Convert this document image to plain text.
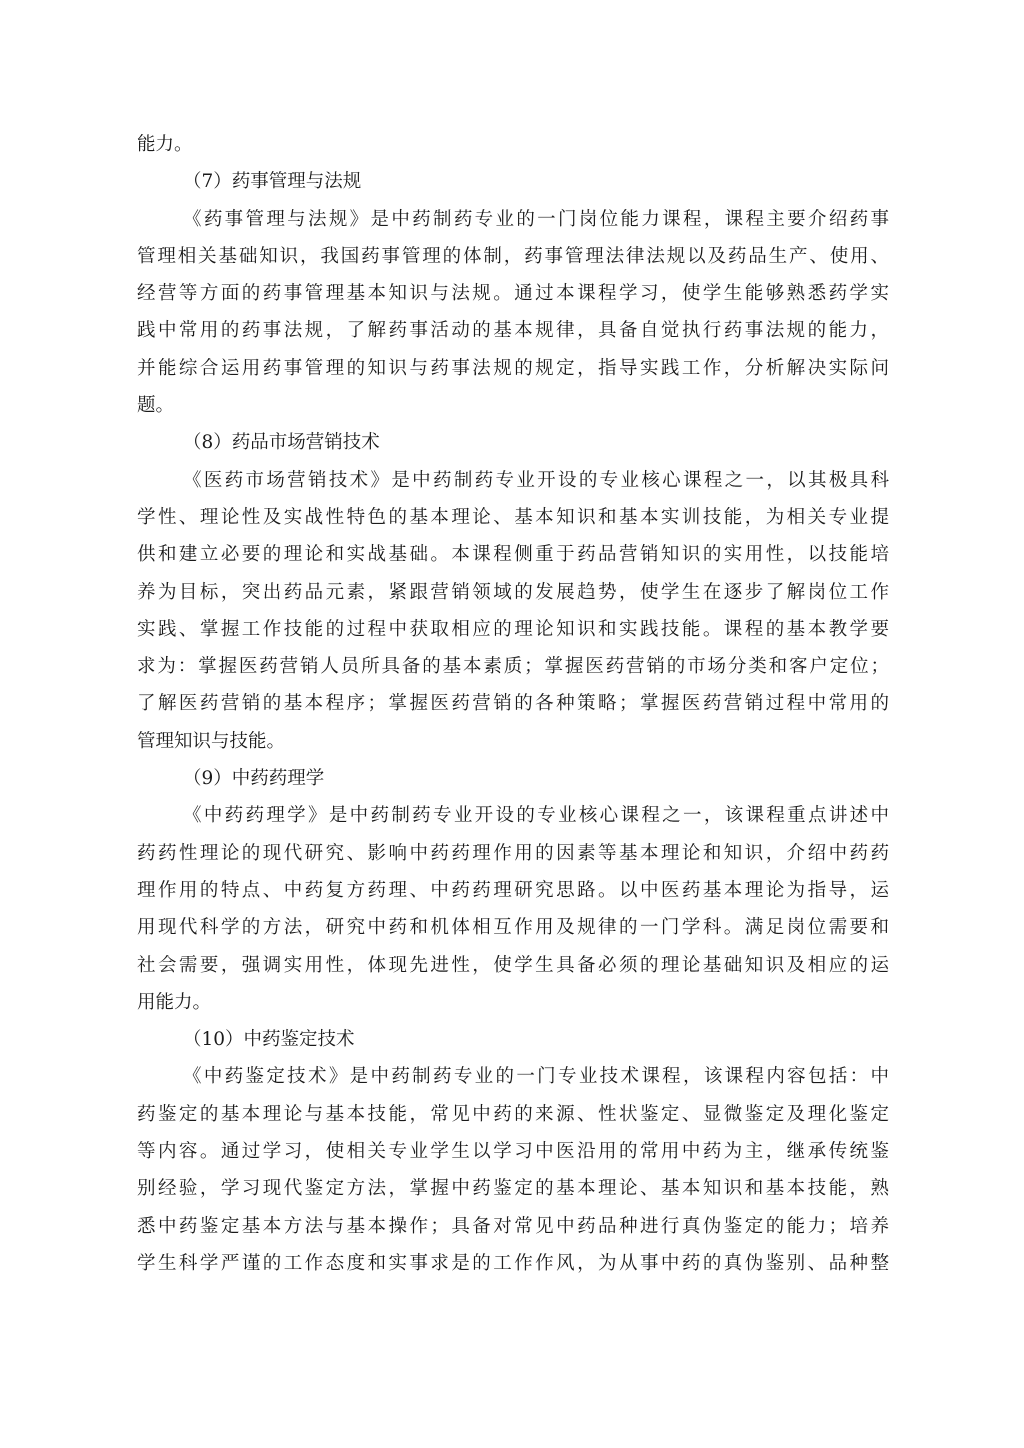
能力。
（7）药事管理与法规
《药事管理与法规》是中药制药专业的一门岗位能力课程，课程主要介绍药事
管理相关基础知识，我国药事管理的体制，药事管理法律法规以及药品生产、使用、
经营等方面的药事管理基本知识与法规。通过本课程学习，使学生能够熟悉药学实
践中常用的药事法规，了解药事活动的基本规律，具备自觉执行药事法规的能力，
并能综合运用药事管理的知识与药事法规的规定，指导实践工作，分析解决实际问
题。
（8）药品市场营销技术
《医药市场营销技术》是中药制药专业开设的专业核心课程之一，以其极具科
学性、理论性及实战性特色的基本理论、基本知识和基本实训技能，为相关专业提
供和建立必要的理论和实战基础。本课程侧重于药品营销知识的实用性，以技能培
养为目标，突出药品元素，紧跟营销领域的发展趋势，使学生在逐步了解岗位工作
实践、掌握工作技能的过程中获取相应的理论知识和实践技能。课程的基本教学要
求为：掌握医药营销人员所具备的基本素质；掌握医药营销的市场分类和客户定位；
了解医药营销的基本程序；掌握医药营销的各种策略；掌握医药营销过程中常用的
管理知识与技能。
（9）中药药理学
《中药药理学》是中药制药专业开设的专业核心课程之一，该课程重点讲述中
药药性理论的现代研究、影响中药药理作用的因素等基本理论和知识，介绍中药药
理作用的特点、中药复方药理、中药药理研究思路。以中医药基本理论为指导，运
用现代科学的方法，研究中药和机体相互作用及规律的一门学科。满足岗位需要和
社会需要，强调实用性，体现先进性，使学生具备必须的理论基础知识及相应的运
用能力。
（10）中药鉴定技术
《中药鉴定技术》是中药制药专业的一门专业技术课程，该课程内容包括：中
药鉴定的基本理论与基本技能，常见中药的来源、性状鉴定、显微鉴定及理化鉴定
等内容。通过学习，使相关专业学生以学习中医沿用的常用中药为主，继承传统鉴
别经验，学习现代鉴定方法，掌握中药鉴定的基本理论、基本知识和基本技能，熟
悉中药鉴定基本方法与基本操作；具备对常见中药品种进行真伪鉴定的能力；培养
学生科学严谨的工作态度和实事求是的工作作风，为从事中药的真伪鉴别、品种整
